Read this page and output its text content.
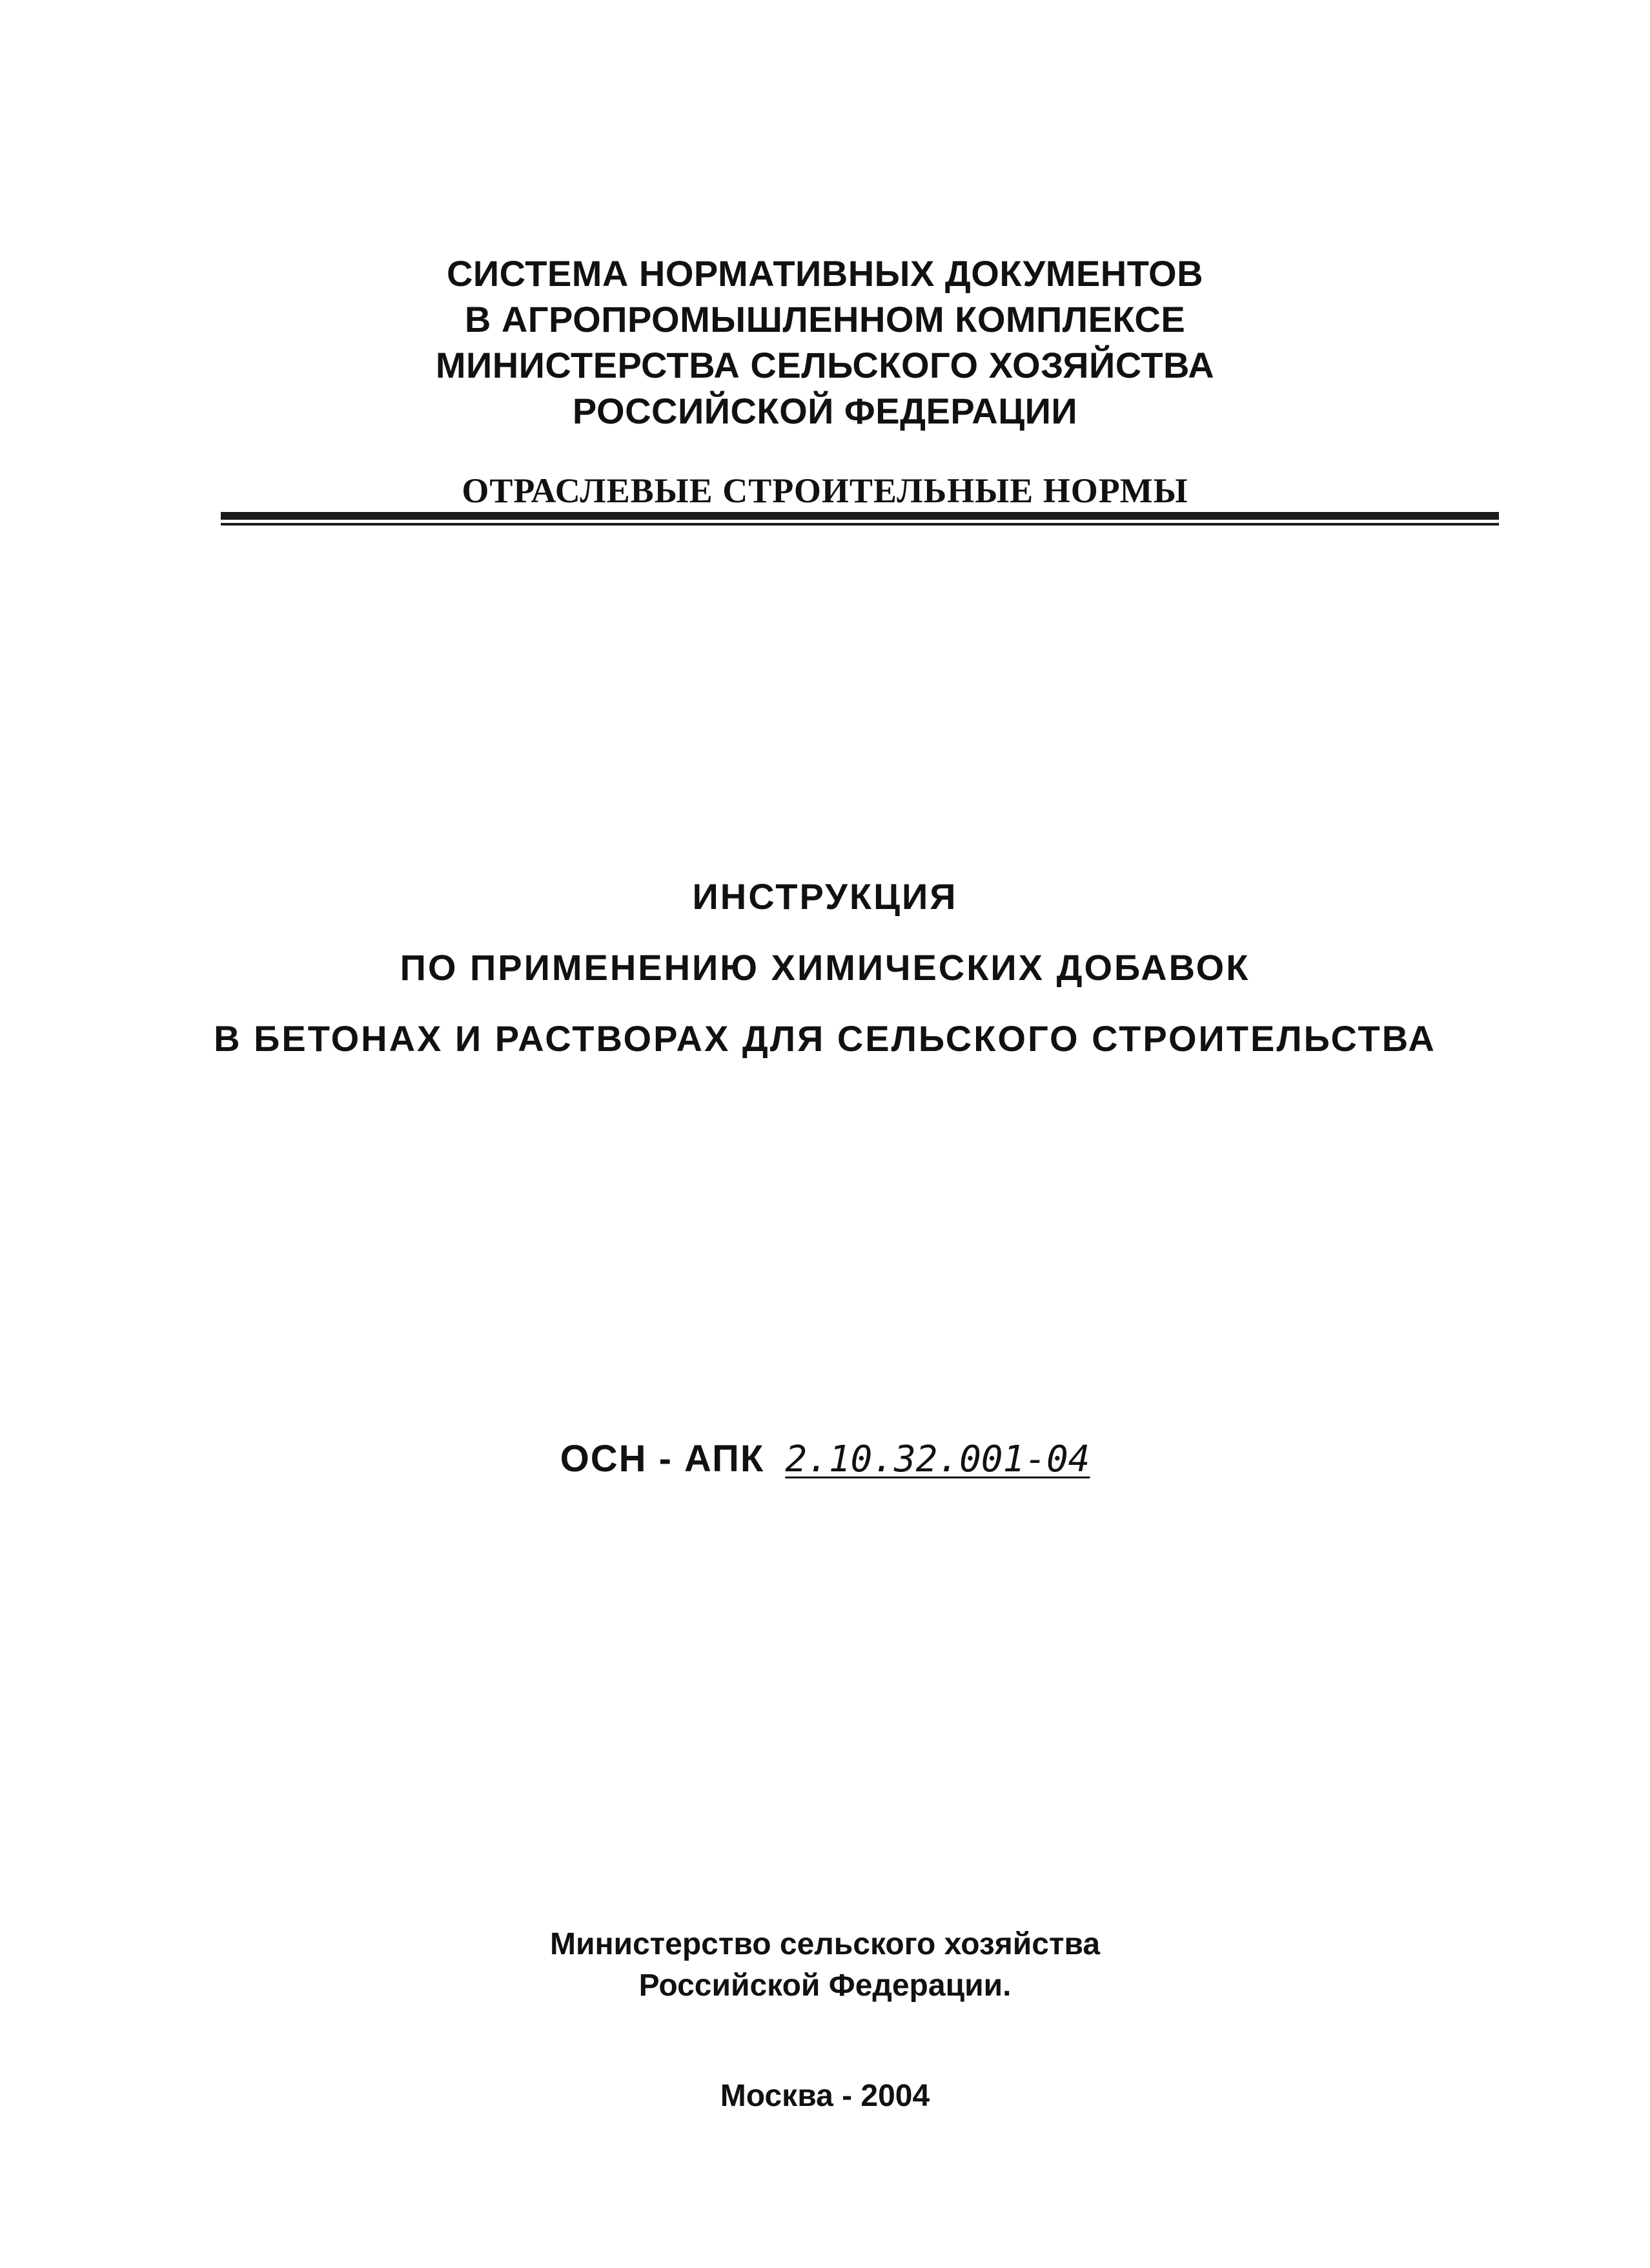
СИСТЕМА НОРМАТИВНЫХ ДОКУМЕНТОВ
В АГРОПРОМЫШЛЕННОМ КОМПЛЕКСЕ
МИНИСТЕРСТВА СЕЛЬСКОГО ХОЗЯЙСТВА
РОССИЙСКОЙ ФЕДЕРАЦИИ
ОТРАСЛЕВЫЕ СТРОИТЕЛЬНЫЕ НОРМЫ
ИНСТРУКЦИЯ
ПО ПРИМЕНЕНИЮ ХИМИЧЕСКИХ ДОБАВОК
В БЕТОНАХ И РАСТВОРАХ ДЛЯ СЕЛЬСКОГО СТРОИТЕЛЬСТВА
ОСН - АПК 2.10.32.001-04
Министерство сельского хозяйства
Российской Федерации.
Москва - 2004
